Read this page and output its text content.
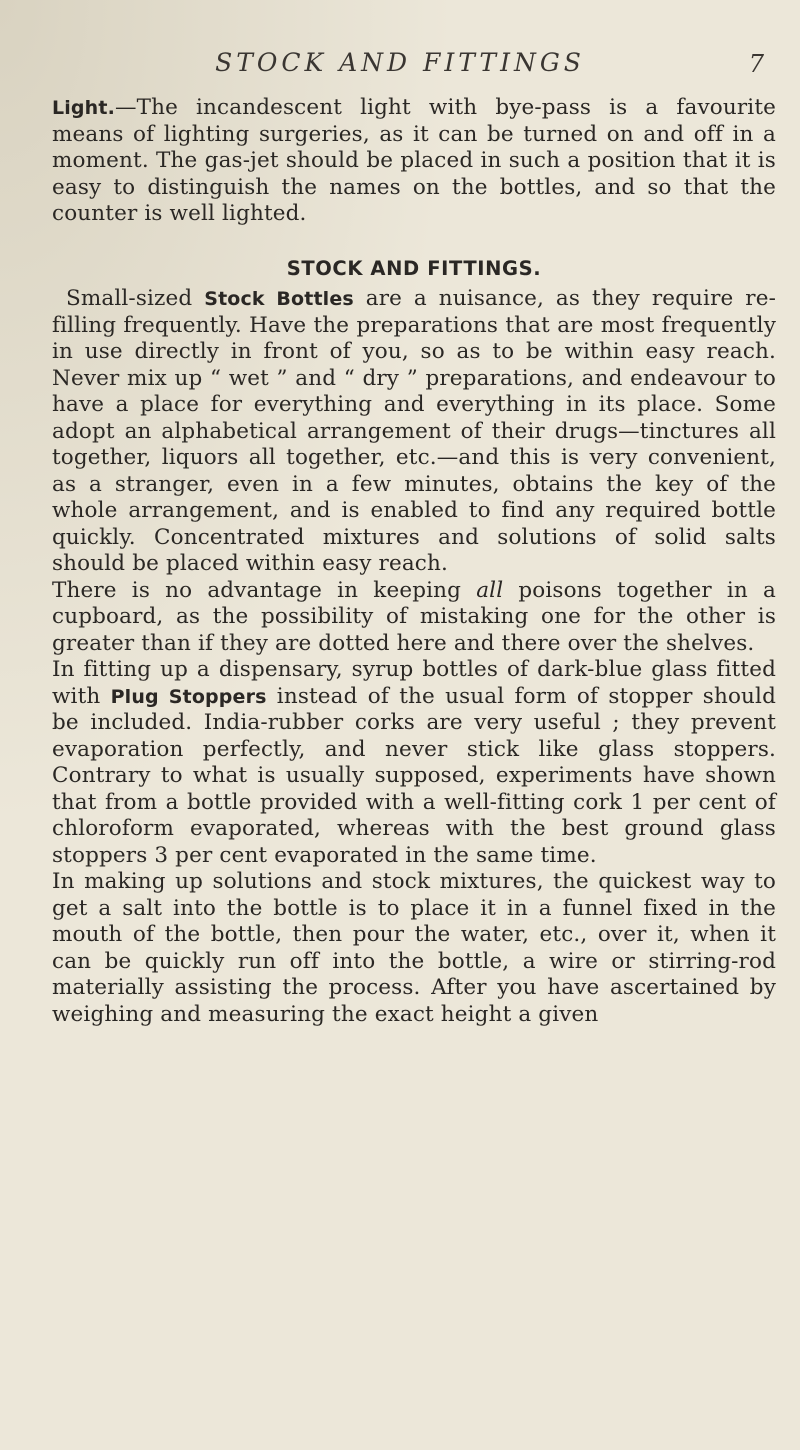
STOCK AND FITTINGS	7

Light.—The incandescent light with bye-pass is a favourite means of lighting surgeries, as it can be turned on and off in a moment. The gas-jet should be placed in such a position that it is easy to distinguish the names on the bottles, and so that the counter is well lighted.

STOCK AND FITTINGS.

Small-sized Stock Bottles are a nuisance, as they require re-filling frequently. Have the preparations that are most frequently in use directly in front of you, so as to be within easy reach. Never mix up “ wet ” and “ dry ” preparations, and endeavour to have a place for everything and everything in its place. Some adopt an alphabetical arrangement of their drugs—tinctures all together, liquors all together, etc.—and this is very convenient, as a stranger, even in a few minutes, obtains the key of the whole arrangement, and is enabled to find any required bottle quickly. Concentrated mixtures and solutions of solid salts should be placed within easy reach.

There is no advantage in keeping all poisons together in a cupboard, as the possibility of mistaking one for the other is greater than if they are dotted here and there over the shelves.

In fitting up a dispensary, syrup bottles of dark-blue glass fitted with Plug Stoppers instead of the usual form of stopper should be included. India-rubber corks are very useful ; they prevent evaporation perfectly, and never stick like glass stoppers. Contrary to what is usually supposed, experiments have shown that from a bottle provided with a well-fitting cork 1 per cent of chloroform evaporated, whereas with the best ground glass stoppers 3 per cent evaporated in the same time.

In making up solutions and stock mixtures, the quickest way to get a salt into the bottle is to place it in a funnel fixed in the mouth of the bottle, then pour the water, etc., over it, when it can be quickly run off into the bottle, a wire or stirring-rod materially assisting the process. After you have ascertained by weighing and measuring the exact height a given
